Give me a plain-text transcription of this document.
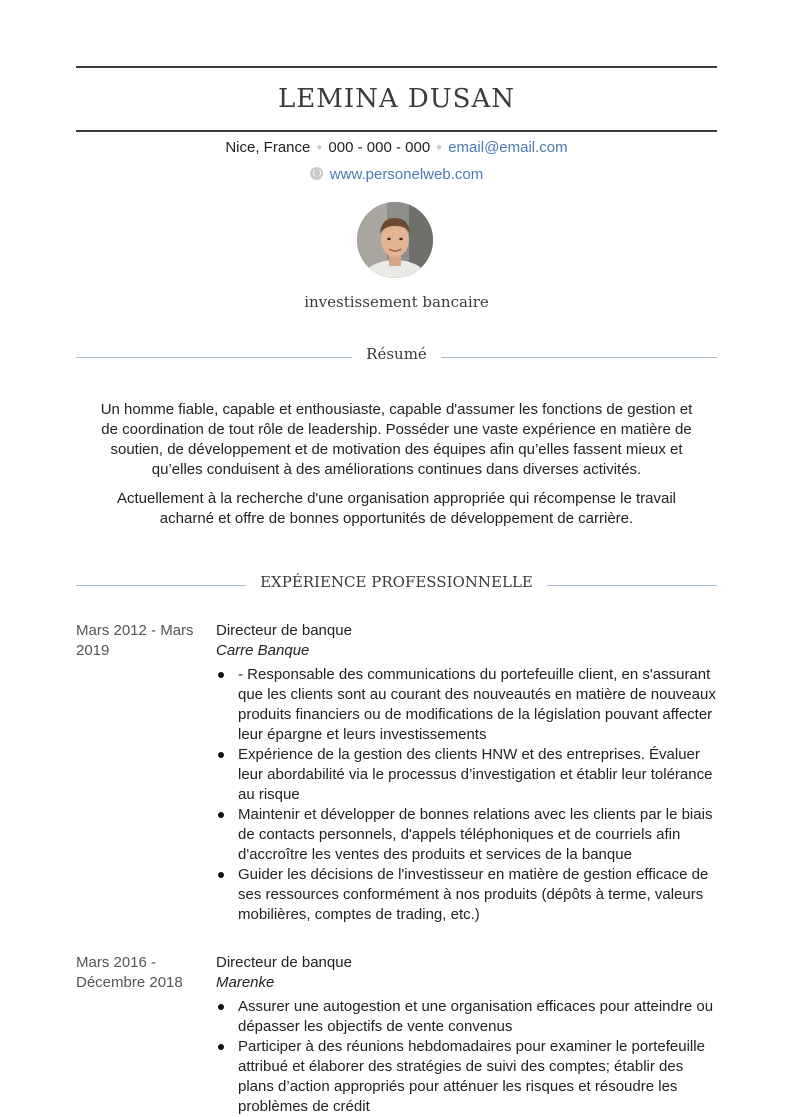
LEMINA DUSAN
Nice, France ● 000 - 000 - 000 ● email@email.com
www.personelweb.com
investissement bancaire
Résumé

Un homme fiable, capable et enthousiaste, capable d'assumer les fonctions de gestion et de coordination de tout rôle de leadership. Posséder une vaste expérience en matière de soutien, de développement et de motivation des équipes afin qu’elles fassent mieux et qu’elles conduisent à des améliorations continues dans diverses activités.

Actuellement à la recherche d'une organisation appropriée qui récompense le travail acharné et offre de bonnes opportunités de développement de carrière.

EXPÉRIENCE PROFESSIONNELLE
Mars 2012 - Mars 2019
Directeur de banque
Carre Banque
- Responsable des communications du portefeuille client, en s'assurant que les clients sont au courant des nouveautés en matière de nouveaux produits financiers ou de modifications de la législation pouvant affecter leur épargne et leurs investissements
Expérience de la gestion des clients HNW et des entreprises. Évaluer leur abordabilité via le processus d’investigation et établir leur tolérance au risque
Maintenir et développer de bonnes relations avec les clients par le biais de contacts personnels, d'appels téléphoniques et de courriels afin d'accroître les ventes des produits et services de la banque
Guider les décisions de l'investisseur en matière de gestion efficace de ses ressources conformément à nos produits (dépôts à terme, valeurs mobilières, comptes de trading, etc.)
Mars 2016 - Décembre 2018
Directeur de banque
Marenke
Assurer une autogestion et une organisation efficaces pour atteindre ou dépasser les objectifs de vente convenus
Participer à des réunions hebdomadaires pour examiner le portefeuille attribué et élaborer des stratégies de suivi des comptes; établir des plans d’action appropriés pour atténuer les risques et résoudre les problèmes de crédit
